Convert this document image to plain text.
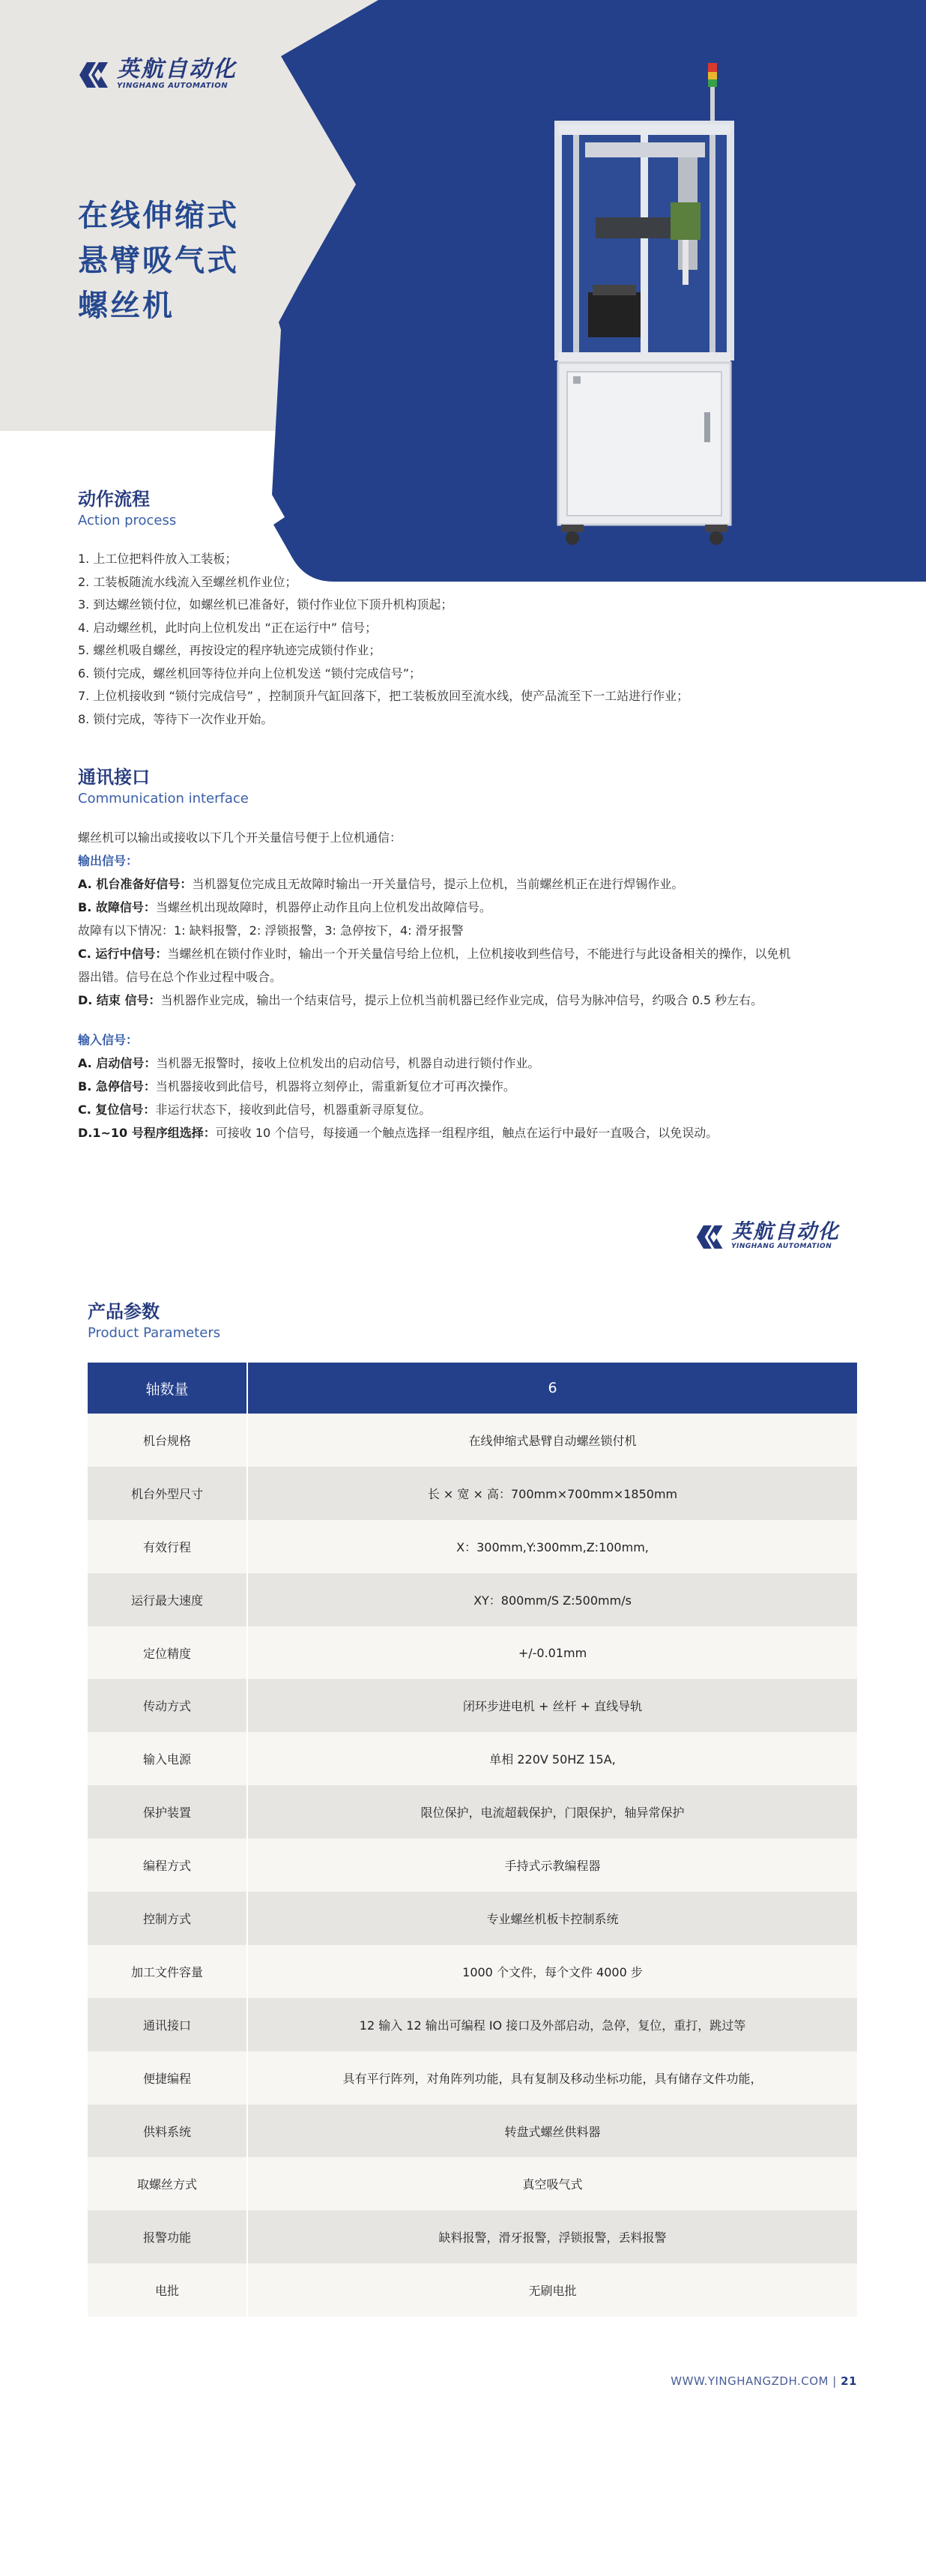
英航自动化
YINGHANG AUTOMATION
在线伸缩式
悬臂吸气式
螺丝机
动作流程
Action process
1. 上工位把料件放入工装板；
2. 工装板随流水线流入至螺丝机作业位；
3. 到达螺丝锁付位，如螺丝机已准备好，锁付作业位下顶升机构顶起；
4. 启动螺丝机，此时向上位机发出 “正在运行中” 信号；
5. 螺丝机吸自螺丝，再按设定的程序轨迹完成锁付作业；
6. 锁付完成，螺丝机回等待位并向上位机发送 “锁付完成信号”；
7. 上位机接收到 “锁付完成信号” ，控制顶升气缸回落下，把工装板放回至流水线，使产品流至下一工站进行作业；
8. 锁付完成，等待下一次作业开始。
通讯接口
Communication interface

螺丝机可以输出或接收以下几个开关量信号便于上位机通信：

输出信号：

A. 机台准备好信号：当机器复位完成且无故障时输出一开关量信号，提示上位机，当前螺丝机正在进行焊锡作业。

B. 故障信号：当螺丝机出现故障时，机器停止动作且向上位机发出故障信号。

故障有以下情况：1: 缺料报警，2: 浮锁报警，3: 急停按下，4: 滑牙报警

C. 运行中信号：当螺丝机在锁付作业时，输出一个开关量信号给上位机，上位机接收到些信号，不能进行与此设备相关的操作，以免机

器出错。信号在总个作业过程中吸合。

D. 结束 信号：当机器作业完成，输出一个结束信号，提示上位机当前机器已经作业完成，信号为脉冲信号，约吸合 0.5 秒左右。

输入信号：

A. 启动信号：当机器无报警时，接收上位机发出的启动信号，机器自动进行锁付作业。

B. 急停信号：当机器接收到此信号，机器将立刻停止，需重新复位才可再次操作。

C. 复位信号：非运行状态下，接收到此信号，机器重新寻原复位。

D.1~10 号程序组选择：可接收 10 个信号，每接通一个触点选择一组程序组，触点在运行中最好一直吸合，以免误动。

英航自动化
YINGHANG AUTOMATION
产品参数
Product Parameters
轴数量	6
机台规格	在线伸缩式悬臂自动螺丝锁付机
机台外型尺寸	长 × 宽 × 高：700mm×700mm×1850mm
有效行程	X：300mm,Y:300mm,Z:100mm,
运行最大速度	XY：800mm/S Z:500mm/s
定位精度	+/-0.01mm
传动方式	闭环步进电机 + 丝杆 + 直线导轨
输入电源	单相 220V 50HZ 15A,
保护装置	限位保护，电流超载保护，门限保护，轴异常保护
编程方式	手持式示教编程器
控制方式	专业螺丝机板卡控制系统
加工文件容量	1000 个文件，每个文件 4000 步
通讯接口	12 输入 12 输出可编程 IO 接口及外部启动，急停，复位，重打，跳过等
便捷编程	具有平行阵列，对角阵列功能，具有复制及移动坐标功能，具有储存文件功能，
供料系统	转盘式螺丝供料器
取螺丝方式	真空吸气式
报警功能	缺料报警，滑牙报警，浮锁报警，丢料报警
电批	无刷电批
WWW.YINGHANGZDH.COM | 21
